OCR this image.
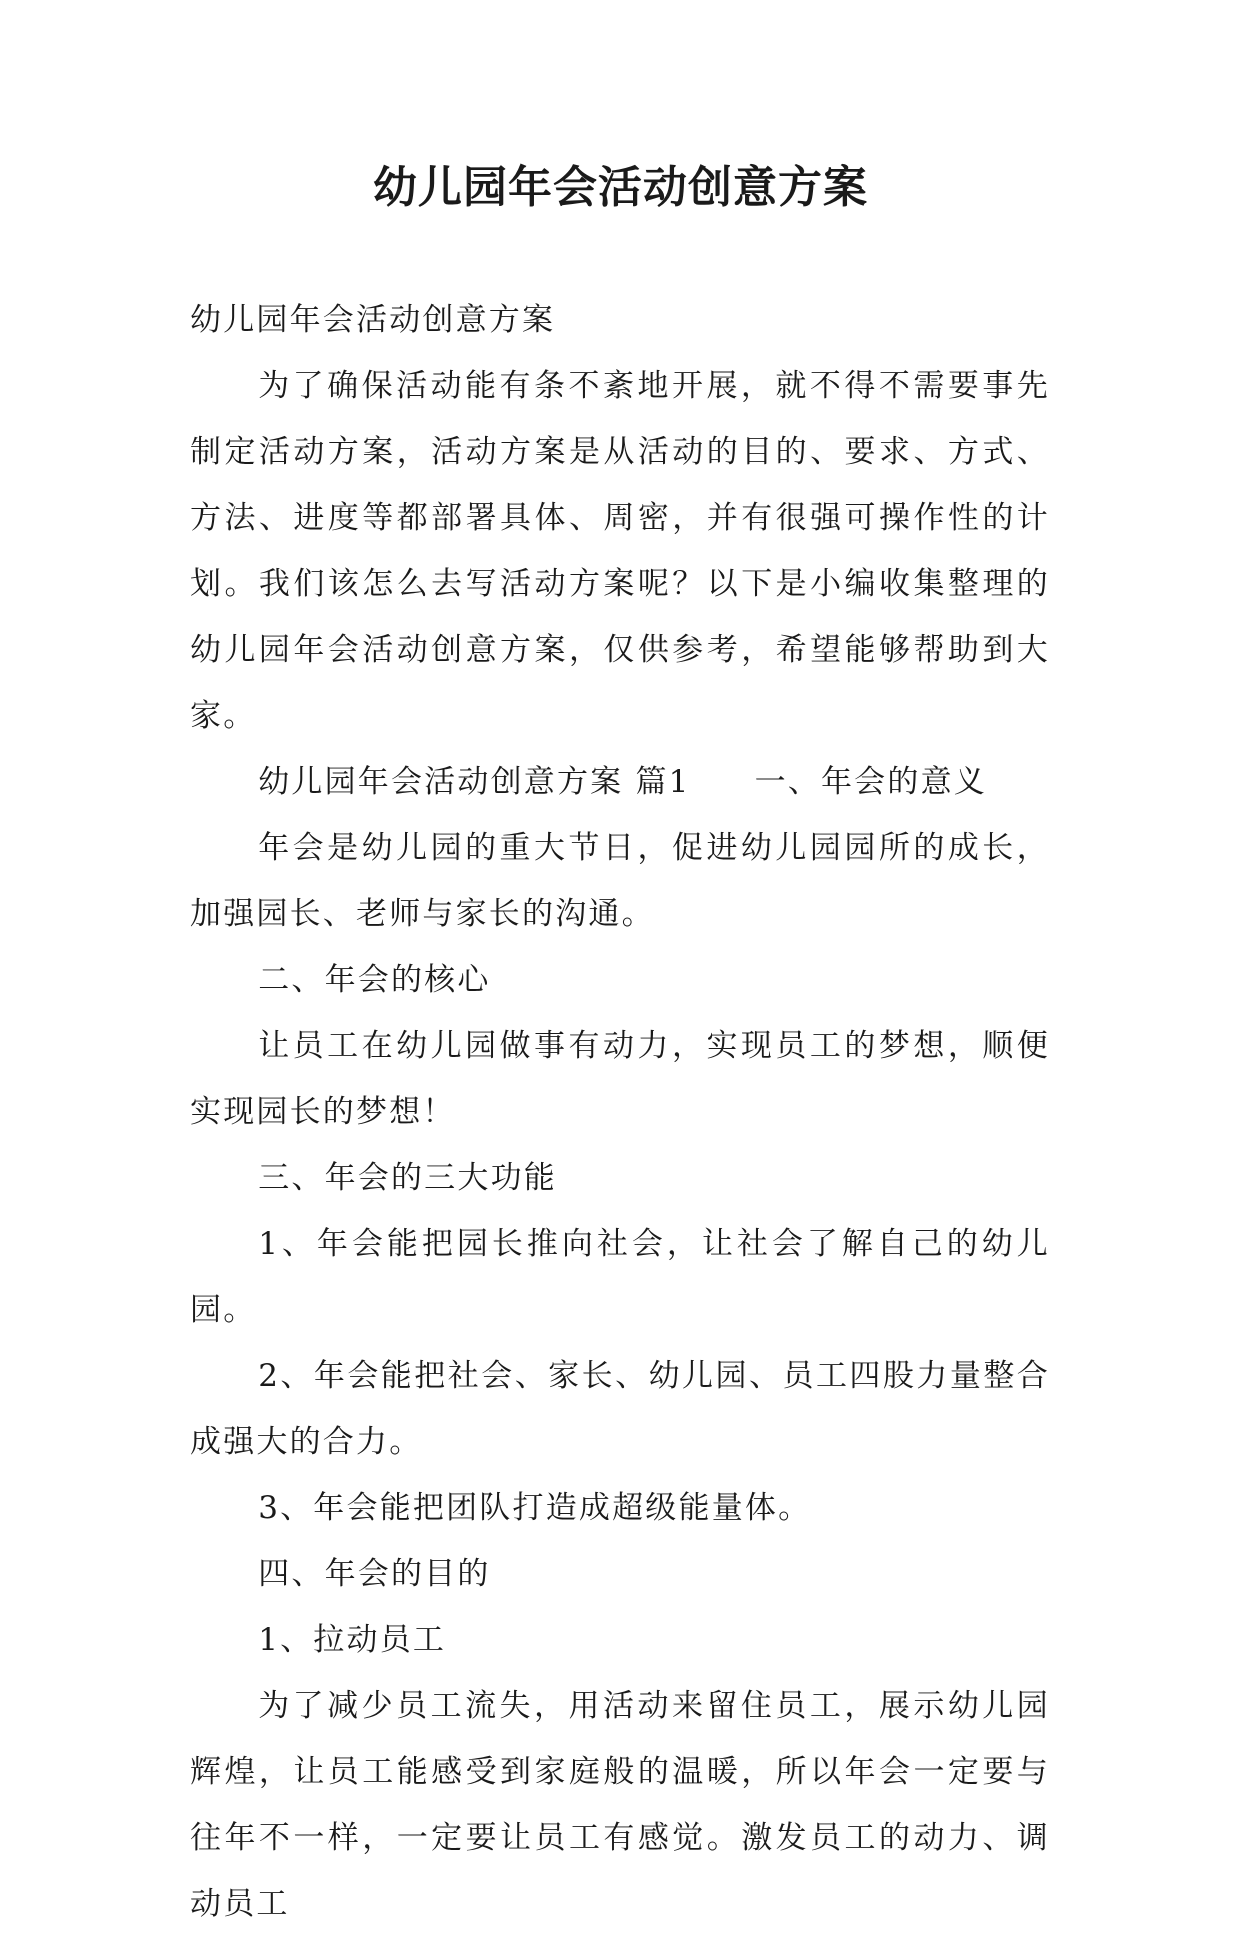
幼儿园年会活动创意方案

幼儿园年会活动创意方案

为了确保活动能有条不紊地开展，就不得不需要事先制定活动方案，活动方案是从活动的目的、要求、方式、方法、进度等都部署具体、周密，并有很强可操作性的计划。我们该怎么去写活动方案呢？以下是小编收集整理的幼儿园年会活动创意方案，仅供参考，希望能够帮助到大家。

幼儿园年会活动创意方案 篇1 一、年会的意义

年会是幼儿园的重大节日，促进幼儿园园所的成长，加强园长、老师与家长的沟通。

二、年会的核心

让员工在幼儿园做事有动力，实现员工的梦想，顺便实现园长的梦想！

三、年会的三大功能

1、年会能把园长推向社会，让社会了解自己的幼儿园。

2、年会能把社会、家长、幼儿园、员工四股力量整合成强大的合力。

3、年会能把团队打造成超级能量体。

四、年会的目的

1、拉动员工

为了减少员工流失，用活动来留住员工，展示幼儿园辉煌，让员工能感受到家庭般的温暖，所以年会一定要与往年不一样，一定要让员工有感觉。激发员工的动力、调动员工
